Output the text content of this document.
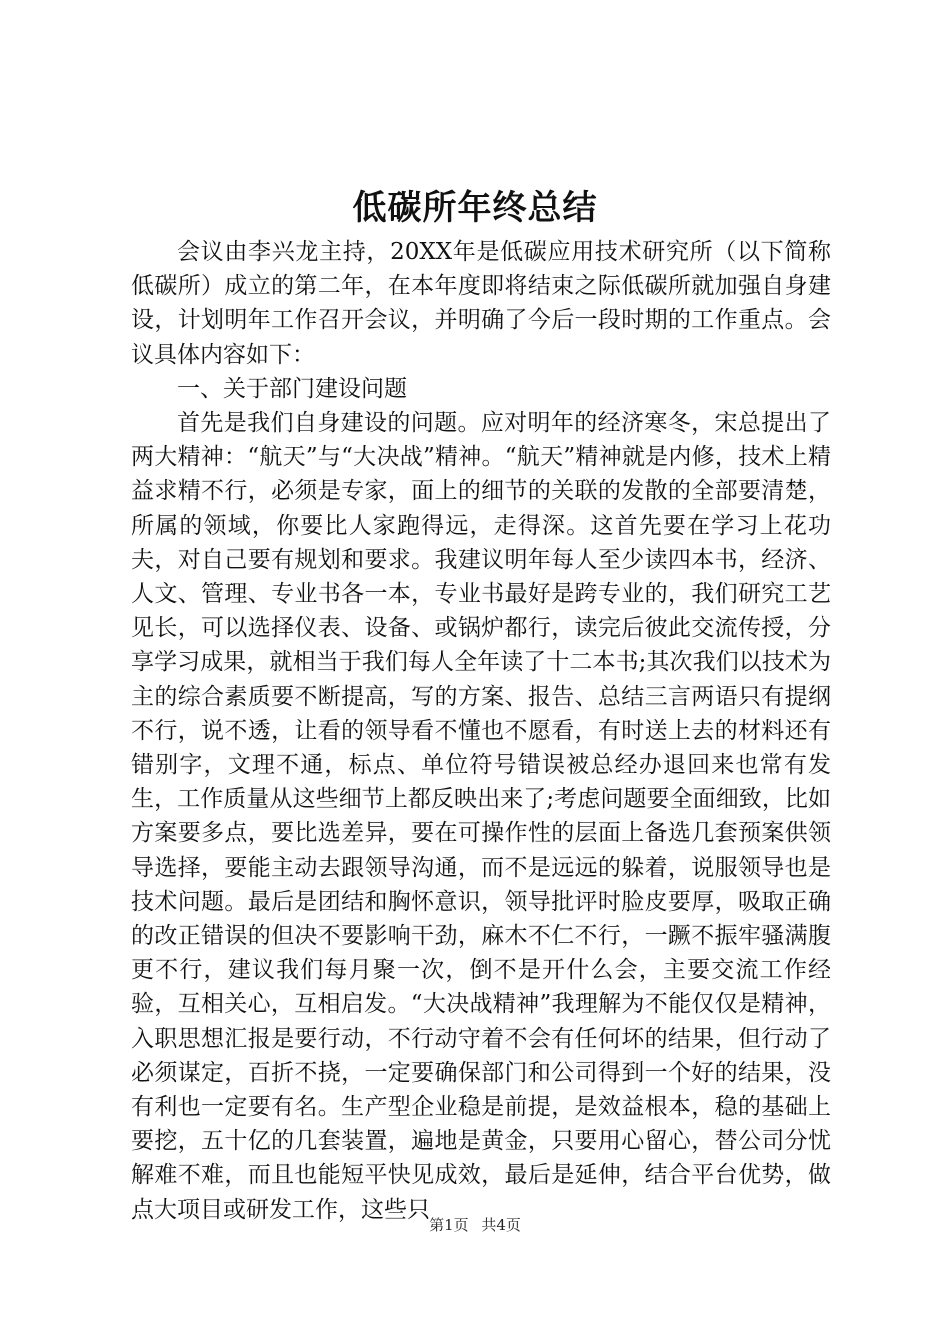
低碳所年终总结

会议由李兴龙主持，20XX年是低碳应用技术研究所（以下简称低碳所）成立的第二年，在本年度即将结束之际低碳所就加强自身建设，计划明年工作召开会议，并明确了今后一段时期的工作重点。会议具体内容如下：

一、关于部门建设问题

首先是我们自身建设的问题。应对明年的经济寒冬，宋总提出了两大精神：“航天”与“大决战”精神。“航天”精神就是内修，技术上精益求精不行，必须是专家，面上的细节的关联的发散的全部要清楚，所属的领域，你要比人家跑得远，走得深。这首先要在学习上花功夫，对自己要有规划和要求。我建议明年每人至少读四本书，经济、人文、管理、专业书各一本，专业书最好是跨专业的，我们研究工艺见长，可以选择仪表、设备、或锅炉都行，读完后彼此交流传授，分享学习成果，就相当于我们每人全年读了十二本书;其次我们以技术为主的综合素质要不断提高，写的方案、报告、总结三言两语只有提纲不行，说不透，让看的领导看不懂也不愿看，有时送上去的材料还有错别字，文理不通，标点、单位符号错误被总经办退回来也常有发生，工作质量从这些细节上都反映出来了;考虑问题要全面细致，比如方案要多点，要比选差异，要在可操作性的层面上备选几套预案供领导选择，要能主动去跟领导沟通，而不是远远的躲着，说服领导也是技术问题。最后是团结和胸怀意识，领导批评时脸皮要厚，吸取正确的改正错误的但决不要影响干劲，麻木不仁不行，一蹶不振牢骚满腹更不行，建议我们每月聚一次，倒不是开什么会，主要交流工作经验，互相关心，互相启发。“大决战精神”我理解为不能仅仅是精神，入职思想汇报是要行动，不行动守着不会有任何坏的结果，但行动了必须谋定，百折不挠，一定要确保部门和公司得到一个好的结果，没有利也一定要有名。生产型企业稳是前提，是效益根本，稳的基础上要挖，五十亿的几套装置，遍地是黄金，只要用心留心，替公司分忧解难不难，而且也能短平快见成效，最后是延伸，结合平台优势，做点大项目或研发工作，这些只

第1页 共4页
